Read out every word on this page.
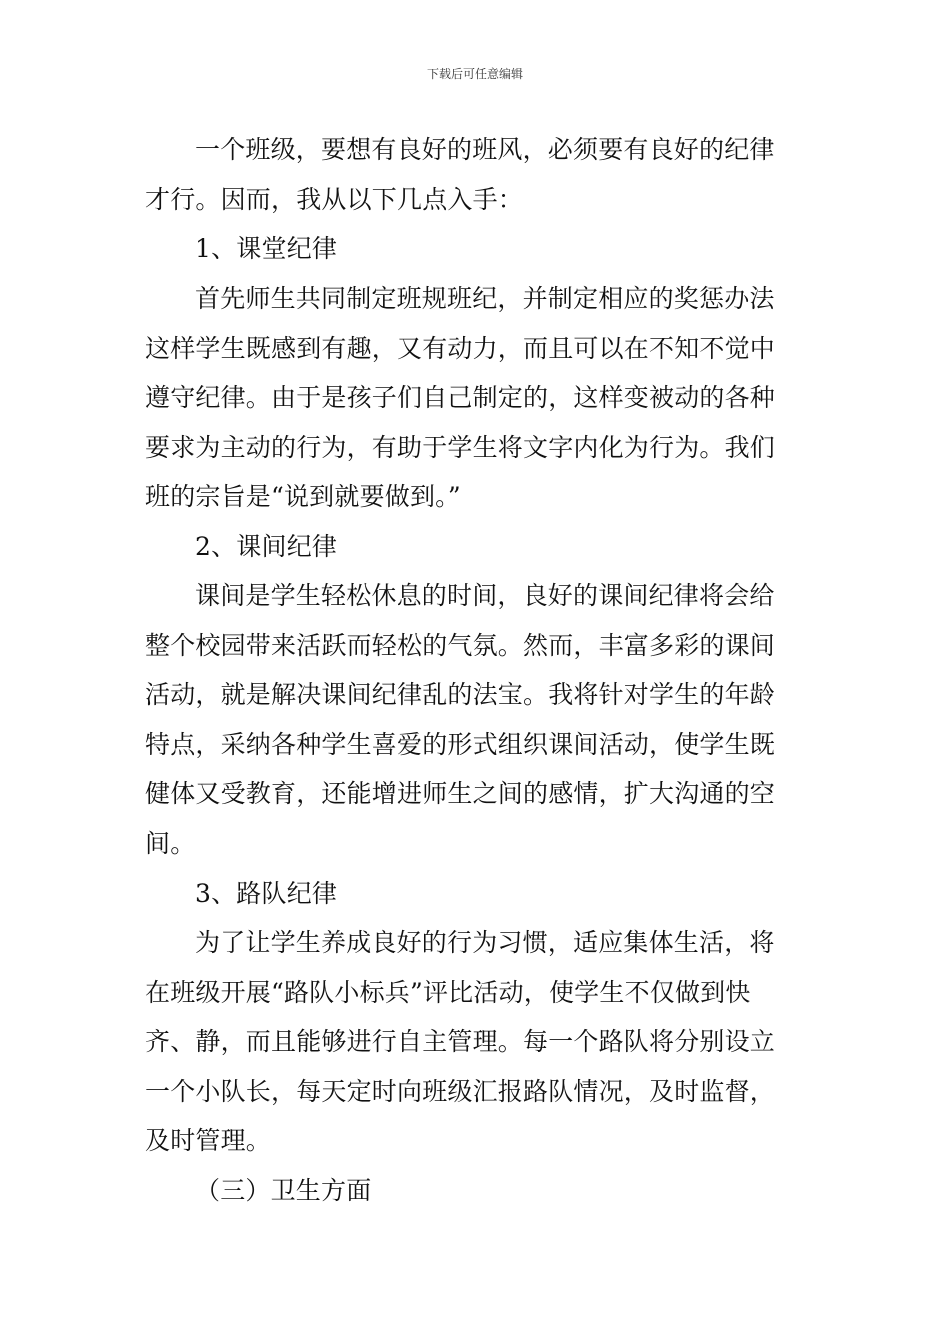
下载后可任意编辑
一个班级，要想有良好的班风，必须要有良好的纪律
才行。因而，我从以下几点入手：
1、课堂纪律
首先师生共同制定班规班纪，并制定相应的奖惩办法
这样学生既感到有趣，又有动力，而且可以在不知不觉中
遵守纪律。由于是孩子们自己制定的，这样变被动的各种
要求为主动的行为，有助于学生将文字内化为行为。我们
班的宗旨是“说到就要做到。”
2、课间纪律
课间是学生轻松休息的时间，良好的课间纪律将会给
整个校园带来活跃而轻松的气氛。然而，丰富多彩的课间
活动，就是解决课间纪律乱的法宝。我将针对学生的年龄
特点，采纳各种学生喜爱的形式组织课间活动，使学生既
健体又受教育，还能增进师生之间的感情，扩大沟通的空
间。
3、路队纪律
为了让学生养成良好的行为习惯，适应集体生活，将
在班级开展“路队小标兵”评比活动，使学生不仅做到快
齐、静，而且能够进行自主管理。每一个路队将分别设立
一个小队长，每天定时向班级汇报路队情况，及时监督，
及时管理。
（三）卫生方面
